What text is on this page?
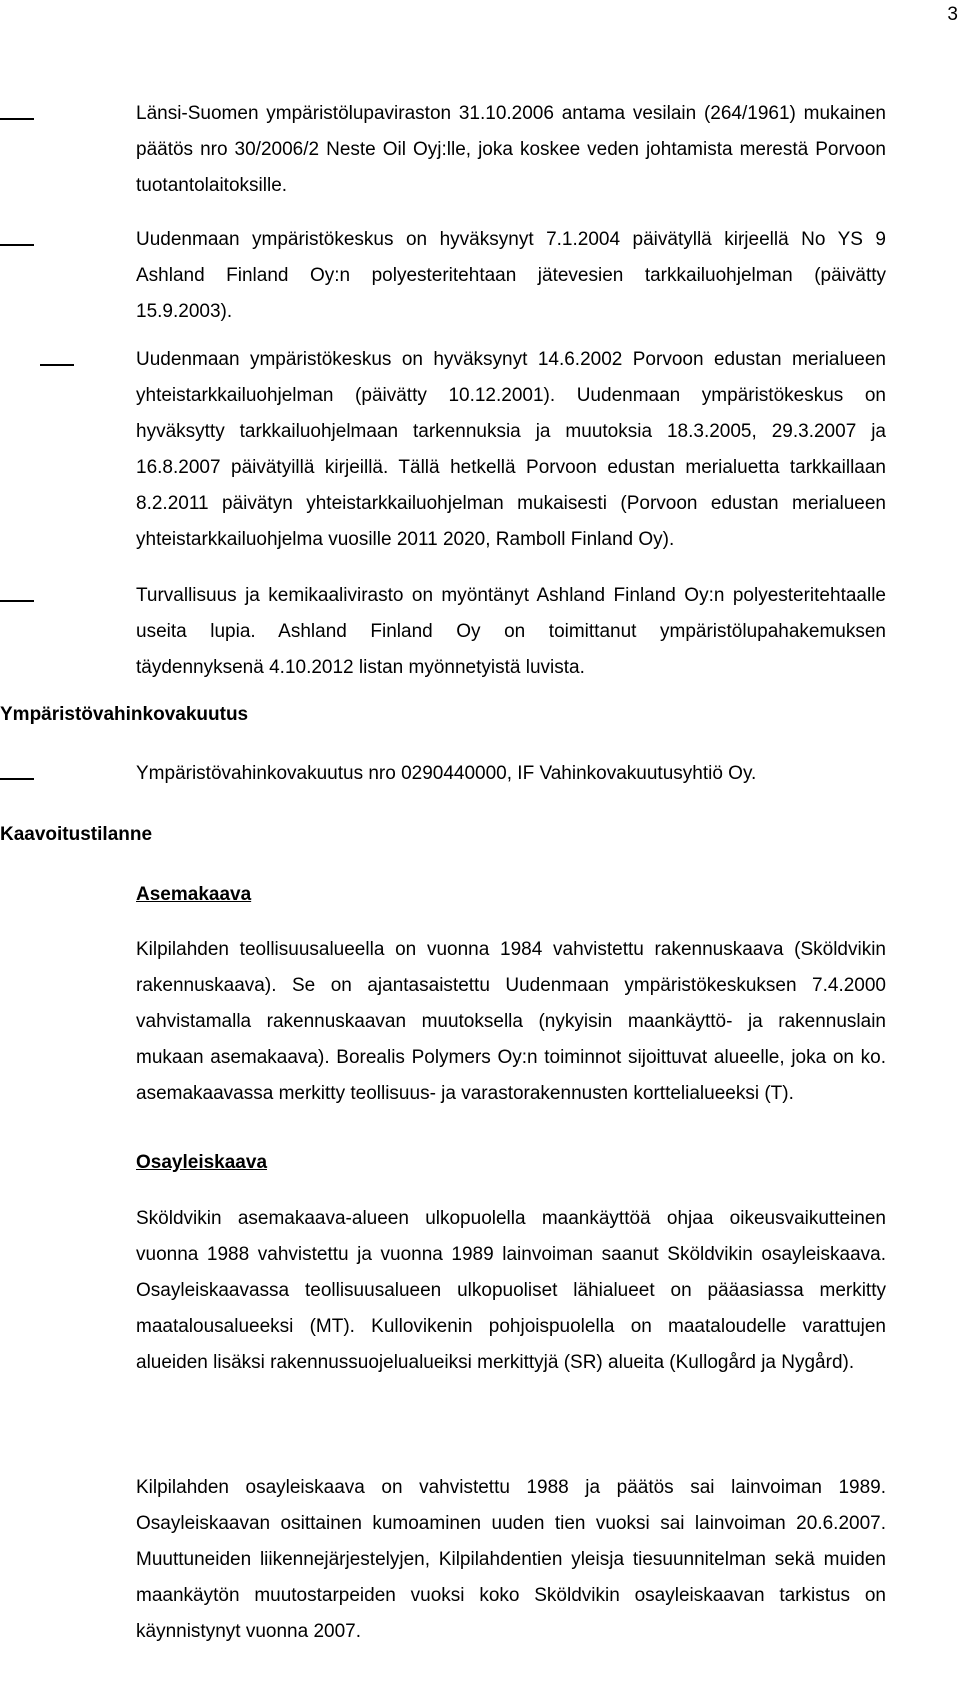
3

Länsi-Suomen ympäristölupaviraston 31.10.2006 antama vesilain (264/1961) mukainen päätös nro 30/2006/2 Neste Oil Oyj:lle, joka koskee veden johtamista merestä Porvoon tuotantolaitoksille.

Uudenmaan ympäristökeskus on hyväksynyt 7.1.2004 päivätyllä kirjeellä No YS 9 Ashland Finland Oy:n polyesteritehtaan jätevesien tarkkailuohjelman (päivätty 15.9.2003).

Uudenmaan ympäristökeskus on hyväksynyt 14.6.2002 Porvoon edustan merialueen yhteistarkkailuohjelman (päivätty 10.12.2001). Uudenmaan ympäristökeskus on hyväksytty tarkkailuohjelmaan tarkennuksia ja muutoksia 18.3.2005, 29.3.2007 ja 16.8.2007 päivätyillä kirjeillä. Tällä hetkellä Porvoon edustan merialuetta tarkkaillaan 8.2.2011 päivätyn yhteistarkkailuohjelman mukaisesti (Porvoon edustan merialueen yhteistarkkailuohjelma vuosille 2011 2020, Ramboll Finland Oy).

Turvallisuus ja kemikaalivirasto on myöntänyt Ashland Finland Oy:n polyesteritehtaalle useita lupia. Ashland Finland Oy on toimittanut ympäristölupahakemuksen täydennyksenä 4.10.2012 listan myönnetyistä luvista.

Ympäristövahinkovakuutus

Ympäristövahinkovakuutus nro 0290440000, IF Vahinkovakuutusyhtiö Oy.

Kaavoitustilanne
Asemakaava

Kilpilahden teollisuusalueella on vuonna 1984 vahvistettu rakennuskaava (Sköldvikin rakennuskaava). Se on ajantasaistettu Uudenmaan ympäristökeskuksen 7.4.2000 vahvistamalla rakennuskaavan muutoksella (nykyisin maankäyttö- ja rakennuslain mukaan asemakaava). Borealis Polymers Oy:n toiminnot sijoittuvat alueelle, joka on ko. asemakaavassa merkitty teollisuus- ja varastorakennusten korttelialueeksi (T).

Osayleiskaava

Sköldvikin asemakaava-alueen ulkopuolella maankäyttöä ohjaa oikeusvaikutteinen vuonna 1988 vahvistettu ja vuonna 1989 lainvoiman saanut Sköldvikin osayleiskaava. Osayleiskaavassa teollisuusalueen ulkopuoliset lähialueet on pääasiassa merkitty maatalousalueeksi (MT). Kullovikenin pohjoispuolella on maataloudelle varattujen alueiden lisäksi rakennussuojelualueiksi merkittyjä (SR) alueita (Kullogård ja Nygård).

Kilpilahden osayleiskaava on vahvistettu 1988 ja päätös sai lainvoiman 1989. Osayleiskaavan osittainen kumoaminen uuden tien vuoksi sai lainvoiman 20.6.2007. Muuttuneiden liikennejärjestelyjen, Kilpilahdentien yleisja tiesuunnitelman sekä muiden maankäytön muutostarpeiden vuoksi koko Sköldvikin osayleiskaavan tarkistus on käynnistynyt vuonna 2007.
